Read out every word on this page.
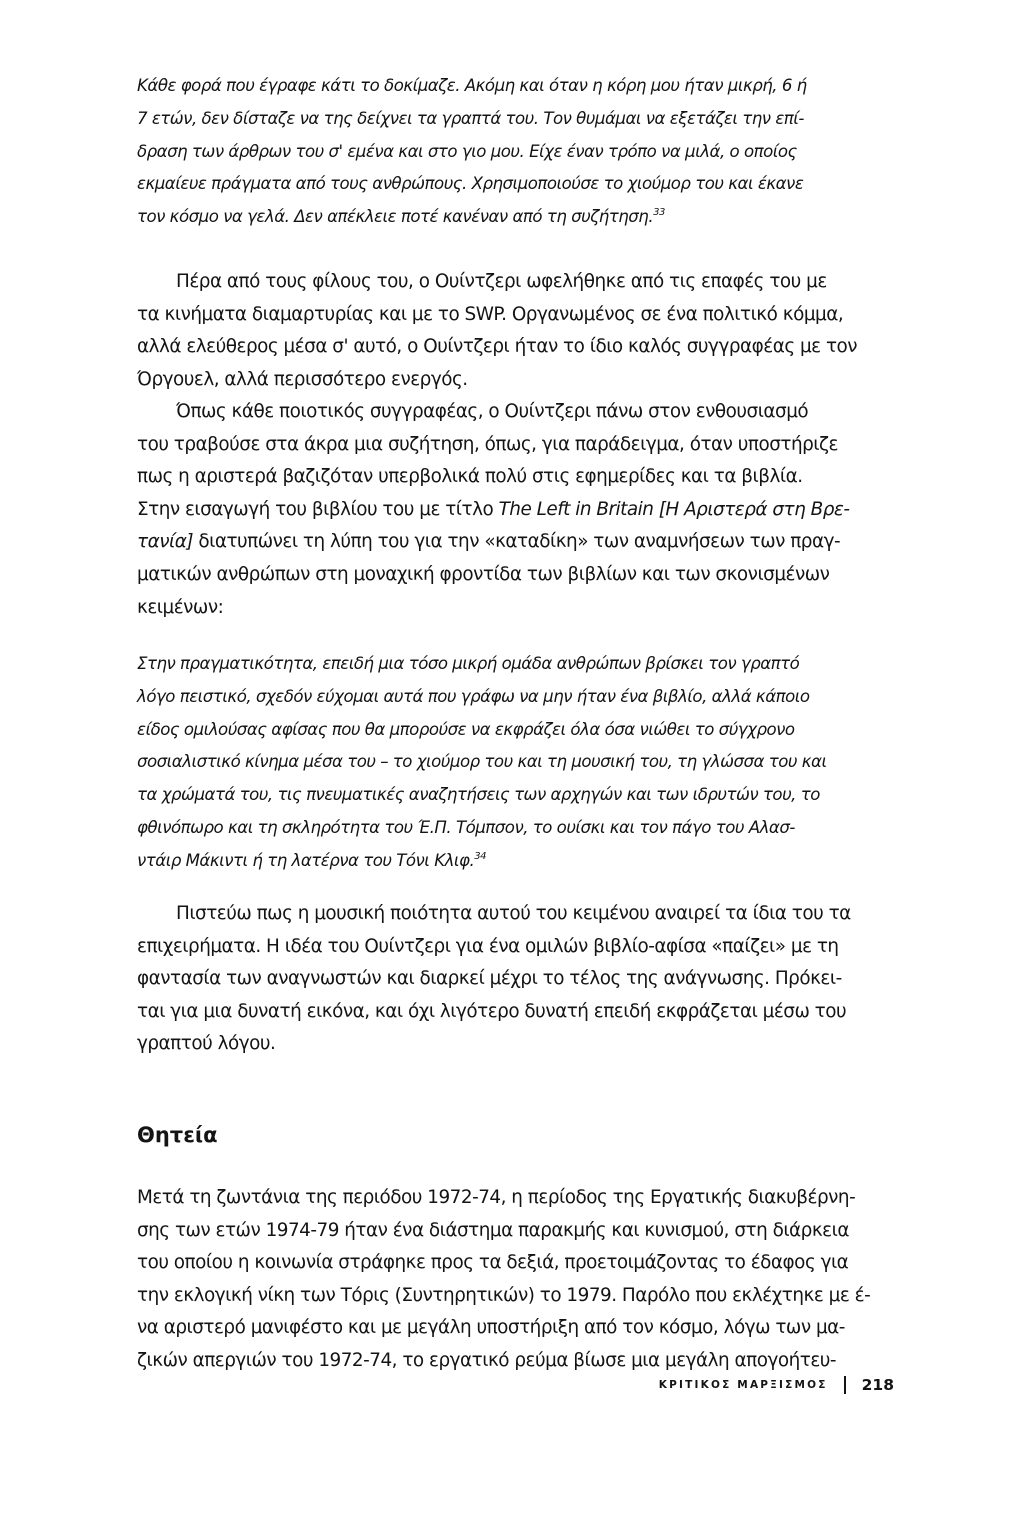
Κάθε φορά που έγραφε κάτι το δοκίμαζε. Ακόμη και όταν η κόρη μου ήταν μικρή, 6 ή
7 ετών, δεν δίσταζε να της δείχνει τα γραπτά του. Τον θυμάμαι να εξετάζει την επί-
δραση των άρθρων του σ' εμένα και στο γιο μου. Είχε έναν τρόπο να μιλά, ο οποίος
εκμαίευε πράγματα από τους ανθρώπους. Χρησιμοποιούσε το χιούμορ του και έκανε
τον κόσμο να γελά. Δεν απέκλειε ποτέ κανέναν από τη συζήτηση.$^{33}$
Πέρα από τους φίλους του, ο Ουίντζερι ωφελήθηκε από τις επαφές του με
τα κινήματα διαμαρτυρίας και με το SWP. Οργανωμένος σε ένα πολιτικό κόμμα,
αλλά ελεύθερος μέσα σ' αυτό, ο Ουίντζερι ήταν το ίδιο καλός συγγραφέας με τον
Όργουελ, αλλά περισσότερο ενεργός.
Όπως κάθε ποιοτικός συγγραφέας, ο Ουίντζερι πάνω στον ενθουσιασμό
του τραβούσε στα άκρα μια συζήτηση, όπως, για παράδειγμα, όταν υποστήριζε
πως η αριστερά βαζιζόταν υπερβολικά πολύ στις εφημερίδες και τα βιβλία.
Στην εισαγωγή του βιβλίου του με τίτλο The Left in Britain [Η Αριστερά στη Βρε-
τανία] διατυπώνει τη λύπη του για την «καταδίκη» των αναμνήσεων των πραγ-
ματικών ανθρώπων στη μοναχική φροντίδα των βιβλίων και των σκονισμένων
κειμένων:
Στην πραγματικότητα, επειδή μια τόσο μικρή ομάδα ανθρώπων βρίσκει τον γραπτό
λόγο πειστικό, σχεδόν εύχομαι αυτά που γράφω να μην ήταν ένα βιβλίο, αλλά κάποιο
είδος ομιλούσας αφίσας που θα μπορούσε να εκφράζει όλα όσα νιώθει το σύγχρονο
σοσιαλιστικό κίνημα μέσα του – το χιούμορ του και τη μουσική του, τη γλώσσα του και
τα χρώματά του, τις πνευματικές αναζητήσεις των αρχηγών και των ιδρυτών του, το
φθινόπωρο και τη σκληρότητα του Έ.Π. Τόμπσον, το ουίσκι και τον πάγο του Αλασ-
ντάιρ Μάκιντι ή τη λατέρνα του Τόνι Κλιφ.$^{34}$
Πιστεύω πως η μουσική ποιότητα αυτού του κειμένου αναιρεί τα ίδια του τα
επιχειρήματα. Η ιδέα του Ουίντζερι για ένα ομιλών βιβλίο-αφίσα «παίζει» με τη
φαντασία των αναγνωστών και διαρκεί μέχρι το τέλος της ανάγνωσης. Πρόκει-
ται για μια δυνατή εικόνα, και όχι λιγότερο δυνατή επειδή εκφράζεται μέσω του
γραπτού λόγου.
Θητεία
Μετά τη ζωντάνια της περιόδου 1972-74, η περίοδος της Εργατικής διακυβέρνη-
σης των ετών 1974-79 ήταν ένα διάστημα παρακμής και κυνισμού, στη διάρκεια
του οποίου η κοινωνία στράφηκε προς τα δεξιά, προετοιμάζοντας το έδαφος για
την εκλογική νίκη των Τόρις (Συντηρητικών) το 1979. Παρόλο που εκλέχτηκε με έ-
να αριστερό μανιφέστο και με μεγάλη υποστήριξη από τον κόσμο, λόγω των μα-
ζικών απεργιών του 1972-74, το εργατικό ρεύμα βίωσε μια μεγάλη απογοήτευ-
ΚΡΙΤΙΚΟΣ ΜΑΡΞΙΣΜΟΣ 218
